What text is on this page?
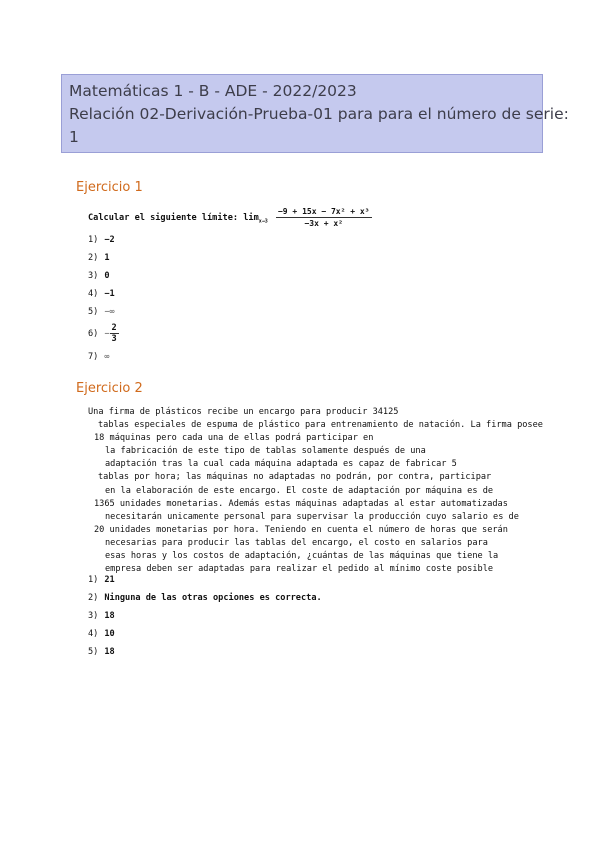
Matemáticas 1 - B - ADE - 2022/2023
Relación 02-Derivación-Prueba-01 para para el número de serie:
1
Ejercicio 1
Calcular el siguiente límite: $\lim_{x\to 3} \frac{\text{−9 + 15x − 7x² + x³}}{\text{−3x + x²}}$
1) −2
2) 1
3) 0
4) −1
5) −∞
$6) - \frac{2}{3}$
7) ∞
Ejercicio 2
Una firma de plásticos recibe un encargo para producir 34125
tablas especiales de espuma de plástico para entrenamiento de natación. La firma posee
18 máquinas pero cada una de ellas podrá participar en
la fabricación de este tipo de tablas solamente después de una
adaptación tras la cual cada máquina adaptada es capaz de fabricar 5
tablas por hora; las máquinas no adaptadas no podrán, por contra, participar
en la elaboración de este encargo. El coste de adaptación por máquina es de
1365 unidades monetarias. Además estas máquinas adaptadas al estar automatizadas
necesitarán unicamente personal para supervisar la producción cuyo salario es de
20 unidades monetarias por hora. Teniendo en cuenta el número de horas que serán
necesarias para producir las tablas del encargo, el costo en salarios para
esas horas y los costos de adaptación, ¿cuántas de las máquinas que tiene la
empresa deben ser adaptadas para realizar el pedido al mínimo coste posible
1) 21
2) Ninguna de las otras opciones es correcta.
3) 18
4) 10
5) 18
